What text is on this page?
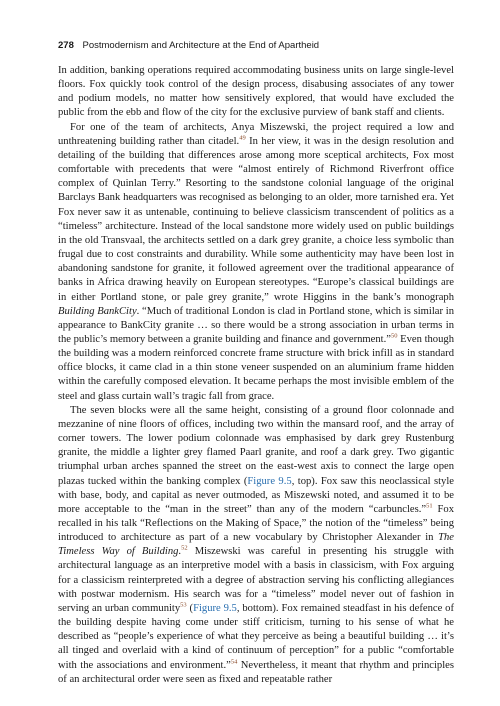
278 Postmodernism and Architecture at the End of Apartheid

In addition, banking operations required accommodating business units on large single-level floors. Fox quickly took control of the design process, disabusing associates of any tower and podium models, no matter how sensitively explored, that would have excluded the public from the ebb and flow of the city for the exclusive purview of bank staff and clients.

For one of the team of architects, Anya Miszewski, the project required a low and unthreatening building rather than citadel.$^{49}$ In her view, it was in the design resolution and detailing of the building that differences arose among more sceptical architects, Fox most comfortable with precedents that were “almost entirely of Richmond Riverfront office complex of Quinlan Terry.” Resorting to the sandstone colonial language of the original Barclays Bank headquarters was recognised as belonging to an older, more tarnished era. Yet Fox never saw it as untenable, continuing to believe classicism transcendent of politics as a “timeless” architecture. Instead of the local sandstone more widely used on public buildings in the old Transvaal, the architects settled on a dark grey granite, a choice less symbolic than frugal due to cost constraints and durability. While some authenticity may have been lost in abandoning sandstone for granite, it followed agreement over the traditional appearance of banks in Africa drawing heavily on European stereotypes. “Europe’s classical buildings are in either Portland stone, or pale grey granite,” wrote Higgins in the bank’s monograph Building BankCity. “Much of traditional London is clad in Portland stone, which is similar in appearance to BankCity granite … so there would be a strong association in urban terms in the public’s memory between a granite building and finance and government.”$^{50}$ Even though the building was a modern reinforced concrete frame structure with brick infill as in standard office blocks, it came clad in a thin stone veneer suspended on an aluminium frame hidden within the carefully composed elevation. It became perhaps the most invisible emblem of the steel and glass curtain wall’s tragic fall from grace.

The seven blocks were all the same height, consisting of a ground floor colonnade and mezzanine of nine floors of offices, including two within the mansard roof, and the array of corner towers. The lower podium colonnade was emphasised by dark grey Rustenburg granite, the middle a lighter grey flamed Paarl granite, and roof a dark grey. Two gigantic triumphal urban arches spanned the street on the east-west axis to connect the large open plazas tucked within the banking complex (Figure 9.5, top). Fox saw this neoclassical style with base, body, and capital as never outmoded, as Miszewski noted, and assumed it to be more acceptable to the “man in the street” than any of the modern “carbuncles.”$^{51}$ Fox recalled in his talk “Reflections on the Making of Space,” the notion of the “timeless” being introduced to architecture as part of a new vocabulary by Christopher Alexander in The Timeless Way of Building.$^{52}$ Miszewski was careful in presenting his struggle with architectural language as an interpretive model with a basis in classicism, with Fox arguing for a classicism reinterpreted with a degree of abstraction serving his conflicting allegiances with postwar modernism. His search was for a “timeless” model never out of fashion in serving an urban community$^{53}$ (Figure 9.5, bottom). Fox remained steadfast in his defence of the building despite having come under stiff criticism, turning to his sense of what he described as “people’s experience of what they perceive as being a beautiful building … it’s all tinged and overlaid with a kind of continuum of perception” for a public “comfortable with the associations and environment.”$^{54}$ Nevertheless, it meant that rhythm and principles of an architectural order were seen as fixed and repeatable rather
